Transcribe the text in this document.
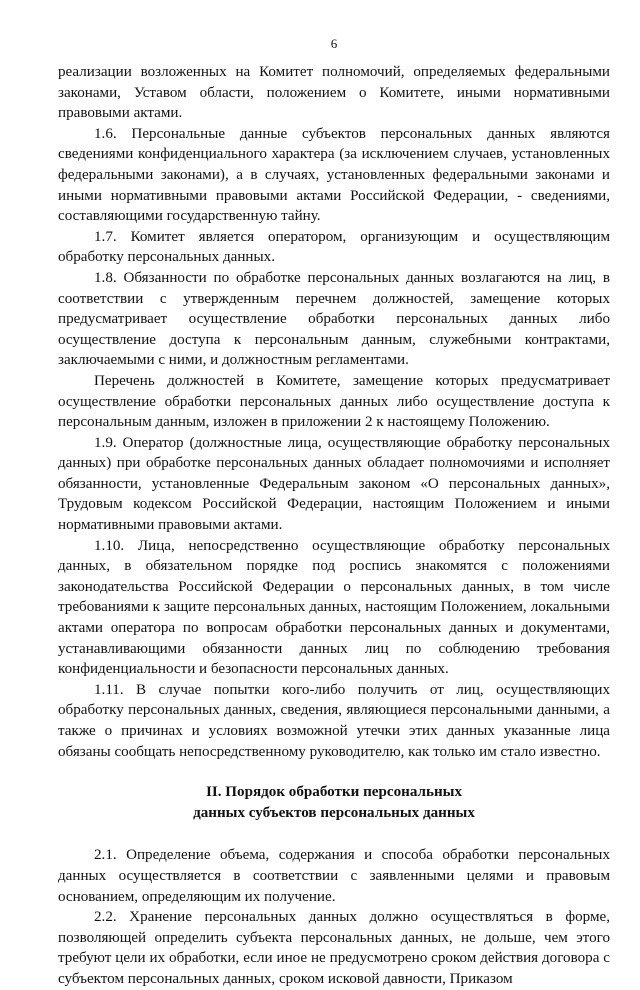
6

реализации возложенных на Комитет полномочий, определяемых федеральными законами, Уставом области, положением о Комитете, иными нормативными правовыми актами.

1.6. Персональные данные субъектов персональных данных являются сведениями конфиденциального характера (за исключением случаев, установленных федеральными законами), а в случаях, установленных федеральными законами и иными нормативными правовыми актами Российской Федерации, - сведениями, составляющими государственную тайну.

1.7. Комитет является оператором, организующим и осуществляющим обработку персональных данных.

1.8. Обязанности по обработке персональных данных возлагаются на лиц, в соответствии с утвержденным перечнем должностей, замещение которых предусматривает осуществление обработки персональных данных либо осуществление доступа к персональным данным, служебными контрактами, заключаемыми с ними, и должностным регламентами.

Перечень должностей в Комитете, замещение которых предусматривает осуществление обработки персональных данных либо осуществление доступа к персональным данным, изложен в приложении 2 к настоящему Положению.

1.9. Оператор (должностные лица, осуществляющие обработку персональных данных) при обработке персональных данных обладает полномочиями и исполняет обязанности, установленные Федеральным законом «О персональных данных», Трудовым кодексом Российской Федерации, настоящим Положением и иными нормативными правовыми актами.

1.10. Лица, непосредственно осуществляющие обработку персональных данных, в обязательном порядке под роспись знакомятся с положениями законодательства Российской Федерации о персональных данных, в том числе требованиями к защите персональных данных, настоящим Положением, локальными актами оператора по вопросам обработки персональных данных и документами, устанавливающими обязанности данных лиц по соблюдению требования конфиденциальности и безопасности персональных данных.

1.11. В случае попытки кого-либо получить от лиц, осуществляющих обработку персональных данных, сведения, являющиеся персональными данными, а также о причинах и условиях возможной утечки этих данных указанные лица обязаны сообщать непосредственному руководителю, как только им стало известно.

II. Порядок обработки персональных
данных субъектов персональных данных

2.1. Определение объема, содержания и способа обработки персональных данных осуществляется в соответствии с заявленными целями и правовым основанием, определяющим их получение.

2.2. Хранение персональных данных должно осуществляться в форме, позволяющей определить субъекта персональных данных, не дольше, чем этого требуют цели их обработки, если иное не предусмотрено сроком действия договора с субъектом персональных данных, сроком исковой давности, Приказом
